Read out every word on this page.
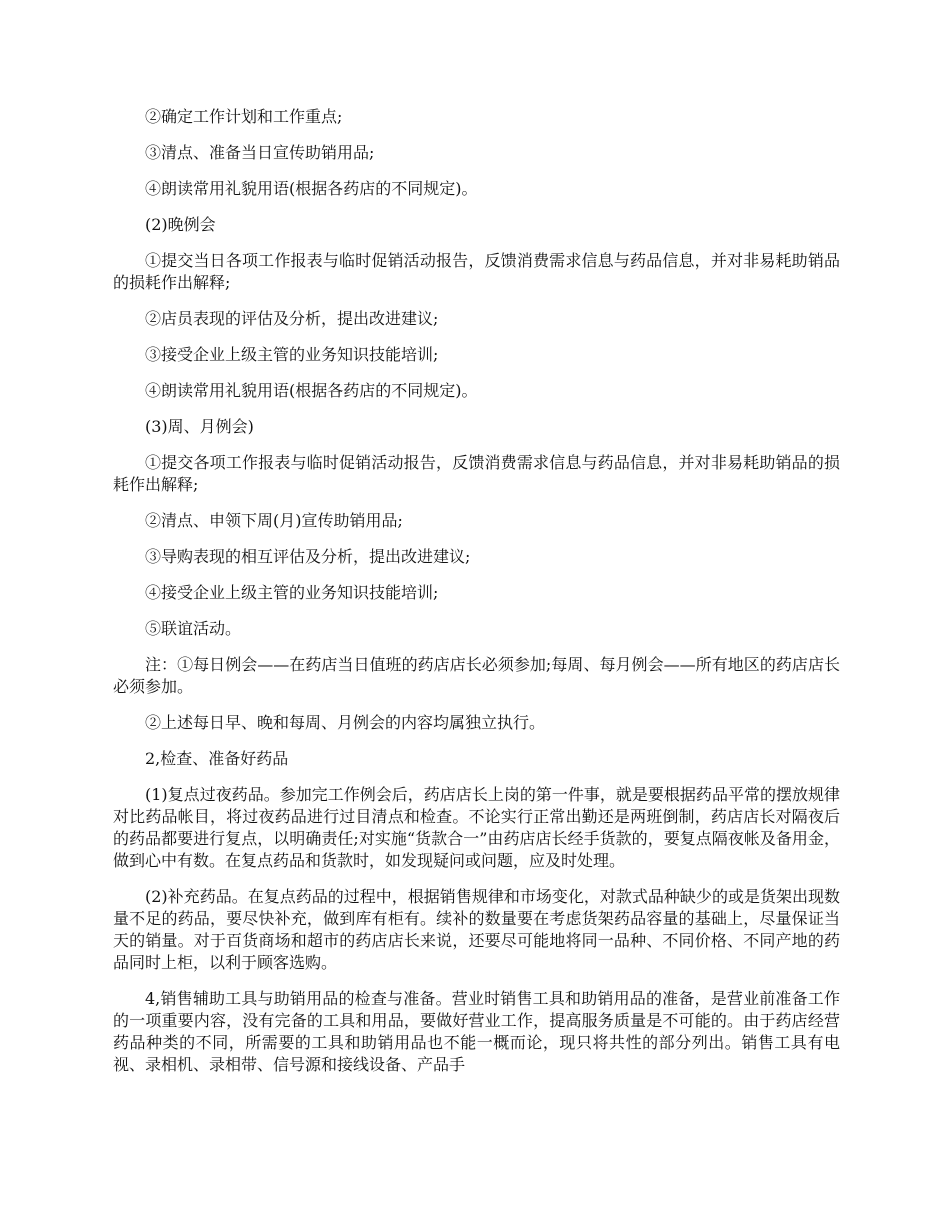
②确定工作计划和工作重点;

③清点、准备当日宣传助销用品;

④朗读常用礼貌用语(根据各药店的不同规定)。

(2)晚例会

①提交当日各项工作报表与临时促销活动报告，反馈消费需求信息与药品信息，并对非易耗助销品的损耗作出解释;

②店员表现的评估及分析，提出改进建议;

③接受企业上级主管的业务知识技能培训;

④朗读常用礼貌用语(根据各药店的不同规定)。

(3)周、月例会)

①提交各项工作报表与临时促销活动报告，反馈消费需求信息与药品信息，并对非易耗助销品的损耗作出解释;

②清点、申领下周(月)宣传助销用品;

③导购表现的相互评估及分析，提出改进建议;

④接受企业上级主管的业务知识技能培训;

⑤联谊活动。

注：①每日例会——在药店当日值班的药店店长必须参加;每周、每月例会——所有地区的药店店长必须参加。

②上述每日早、晚和每周、月例会的内容均属独立执行。

2,检查、准备好药品

(1)复点过夜药品。参加完工作例会后，药店店长上岗的第一件事，就是要根据药品平常的摆放规律对比药品帐目，将过夜药品进行过目清点和检查。不论实行正常出勤还是两班倒制，药店店长对隔夜后的药品都要进行复点，以明确责任;对实施“货款合一”由药店店长经手货款的，要复点隔夜帐及备用金，做到心中有数。在复点药品和货款时，如发现疑问或问题，应及时处理。

(2)补充药品。在复点药品的过程中，根据销售规律和市场变化，对款式品种缺少的或是货架出现数量不足的药品，要尽快补充，做到库有柜有。续补的数量要在考虑货架药品容量的基础上，尽量保证当天的销量。对于百货商场和超市的药店店长来说，还要尽可能地将同一品种、不同价格、不同产地的药品同时上柜，以利于顾客选购。

4,销售辅助工具与助销用品的检查与准备。营业时销售工具和助销用品的准备，是营业前准备工作的一项重要内容，没有完备的工具和用品，要做好营业工作，提高服务质量是不可能的。由于药店经营药品种类的不同，所需要的工具和助销用品也不能一概而论，现只将共性的部分列出。销售工具有电视、录相机、录相带、信号源和接线设备、产品手
